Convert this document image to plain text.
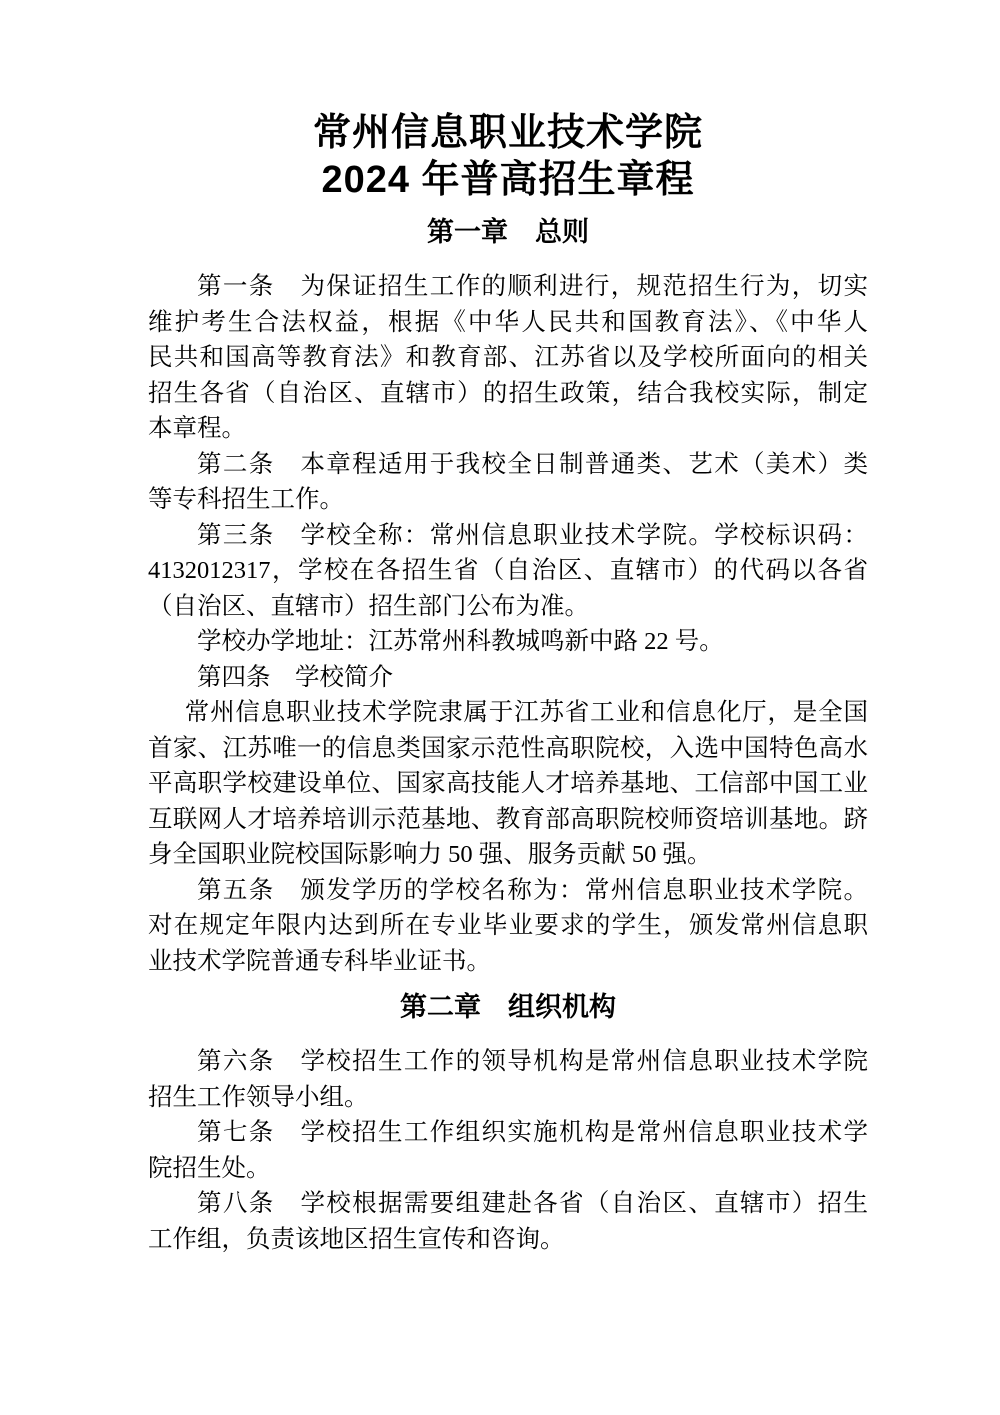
常州信息职业技术学院
2024 年普高招生章程
第一章　总则
第一条　为保证招生工作的顺利进行，规范招生行为，切实
维护考生合法权益，根据《中华人民共和国教育法》、《中华人
民共和国高等教育法》和教育部、江苏省以及学校所面向的相关
招生各省（自治区、直辖市）的招生政策，结合我校实际，制定
本章程。
第二条　本章程适用于我校全日制普通类、艺术（美术）类
等专科招生工作。
第三条　学校全称：常州信息职业技术学院。学校标识码：
4132012317，学校在各招生省（自治区、直辖市）的代码以各省
（自治区、直辖市）招生部门公布为准。
学校办学地址：江苏常州科教城鸣新中路 22 号。
第四条　学校简介
常州信息职业技术学院隶属于江苏省工业和信息化厅，是全国
首家、江苏唯一的信息类国家示范性高职院校，入选中国特色高水
平高职学校建设单位、国家高技能人才培养基地、工信部中国工业
互联网人才培养培训示范基地、教育部高职院校师资培训基地。跻
身全国职业院校国际影响力 50 强、服务贡献 50 强。
第五条　颁发学历的学校名称为：常州信息职业技术学院。
对在规定年限内达到所在专业毕业要求的学生，颁发常州信息职
业技术学院普通专科毕业证书。
第二章　组织机构
第六条　学校招生工作的领导机构是常州信息职业技术学院
招生工作领导小组。
第七条　学校招生工作组织实施机构是常州信息职业技术学
院招生处。
第八条　学校根据需要组建赴各省（自治区、直辖市）招生
工作组，负责该地区招生宣传和咨询。
